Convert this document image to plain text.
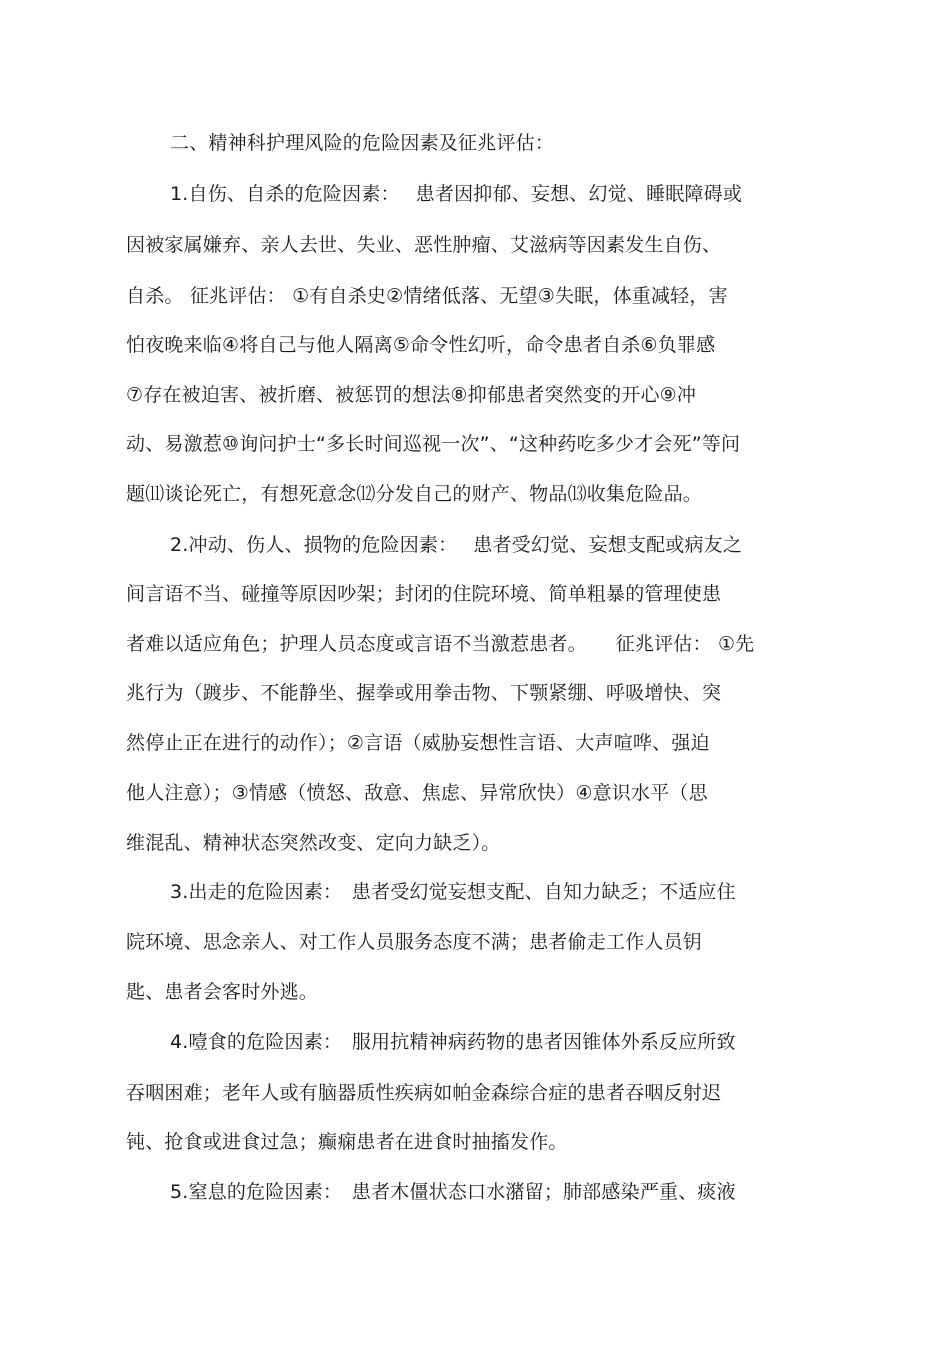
二、精神科护理风险的危险因素及征兆评估：
1.自伤、自杀的危险因素：　 患者因抑郁、妄想、幻觉、睡眠障碍或
因被家属嫌弃、亲人去世、失业、恶性肿瘤、艾滋病等因素发生自伤、
自杀。 征兆评估： ①有自杀史②情绪低落、无望③失眠，体重减轻，害
怕夜晚来临④将自己与他人隔离⑤命令性幻听，命令患者自杀⑥负罪感
⑦存在被迫害、被折磨、被惩罚的想法⑧抑郁患者突然变的开心⑨冲
动、易激惹⑩询问护士“多长时间巡视一次”、“这种药吃多少才会死”等问
题⑾谈论死亡，有想死意念⑿分发自己的财产、物品⒀收集危险品。
2.冲动、伤人、损物的危险因素：　 患者受幻觉、妄想支配或病友之
间言语不当、碰撞等原因吵架；封闭的住院环境、简单粗暴的管理使患
者难以适应角色；护理人员态度或言语不当激惹患者。　　征兆评估： ①先
兆行为（踱步、不能静坐、握拳或用拳击物、下颚紧绷、呼吸增快、突
然停止正在进行的动作）；②言语（威胁妄想性言语、大声喧哗、强迫
他人注意）；③情感（愤怒、敌意、焦虑、异常欣快）④意识水平（思
维混乱、精神状态突然改变、定向力缺乏）。
3.出走的危险因素：　患者受幻觉妄想支配、自知力缺乏；不适应住
院环境、思念亲人、对工作人员服务态度不满；患者偷走工作人员钥
匙、患者会客时外逃。
4.噎食的危险因素：　服用抗精神病药物的患者因锥体外系反应所致
吞咽困难；老年人或有脑器质性疾病如帕金森综合症的患者吞咽反射迟
钝、抢食或进食过急；癫痫患者在进食时抽搐发作。
5.窒息的危险因素：　患者木僵状态口水潴留；肺部感染严重、痰液
